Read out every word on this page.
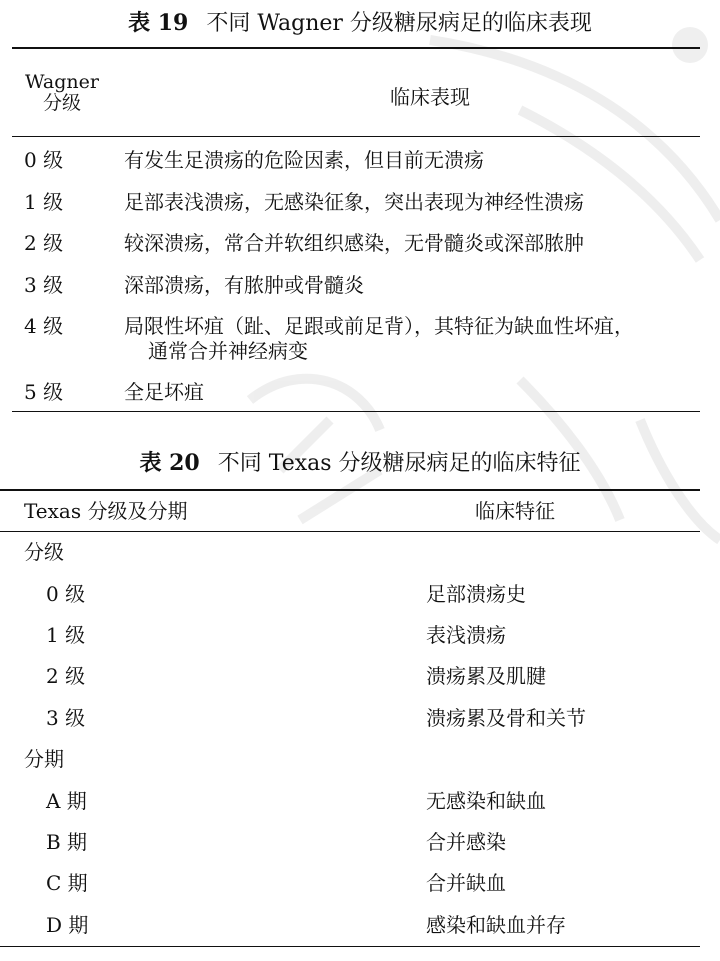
表 19 不同 Wagner 分级糖尿病足的临床表现
Wagner
分级	临床表现
0 级	有发生足溃疡的危险因素，但目前无溃疡
1 级	足部表浅溃疡，无感染征象，突出表现为神经性溃疡
2 级	较深溃疡，常合并软组织感染，无骨髓炎或深部脓肿
3 级	深部溃疡，有脓肿或骨髓炎
4 级	局限性坏疽（趾、足跟或前足背），其特征为缺血性坏疽，
通常合并神经病变
5 级	全足坏疽
表 20 不同 Texas 分级糖尿病足的临床特征
Texas 分级及分期	临床特征
分级
0 级	足部溃疡史
1 级	表浅溃疡
2 级	溃疡累及肌腱
3 级	溃疡累及骨和关节
分期
A 期	无感染和缺血
B 期	合并感染
C 期	合并缺血
D 期	感染和缺血并存
